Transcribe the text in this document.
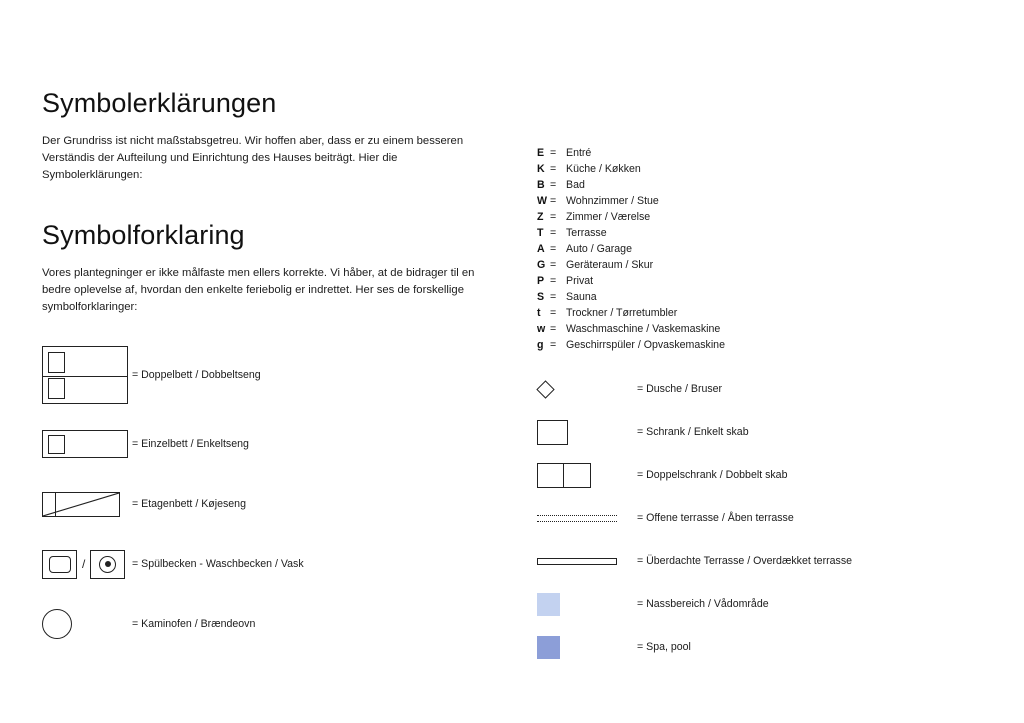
Symbolerklärungen

Der Grundriss ist nicht maßstabsgetreu. Wir hoffen aber, dass er zu einem besseren Verständis der Aufteilung und Einrichtung des Hauses beiträgt. Hier die Symbolerklärungen:

Symbolforklaring

Vores plantegninger er ikke målfaste men ellers korrekte. Vi håber, at de bidrager til en bedre oplevelse af, hvordan den enkelte feriebolig er indrettet. Her ses de forskellige symbolforklaringer:

= Doppelbett / Dobbeltseng
= Einzelbett / Enkeltseng
= Etagenbett / Køjeseng
/	= Spülbecken - Waschbecken / Vask
= Kaminofen / Brændeovn
E = Entré
K = Küche / Køkken
B = Bad
W = Wohnzimmer / Stue
Z = Zimmer / Værelse
T = Terrasse
A = Auto / Garage
G = Geräteraum / Skur
P = Privat
S = Sauna
t = Trockner / Tørretumbler
w = Waschmaschine / Vaskemaskine
g = Geschirrspüler / Opvaskemaskine
= Dusche / Bruser
= Schrank / Enkelt skab
= Doppelschrank / Dobbelt skab
= Offene terrasse / Åben terrasse
= Überdachte Terrasse / Overdækket terrasse
= Nassbereich / Vådområde
= Spa, pool
